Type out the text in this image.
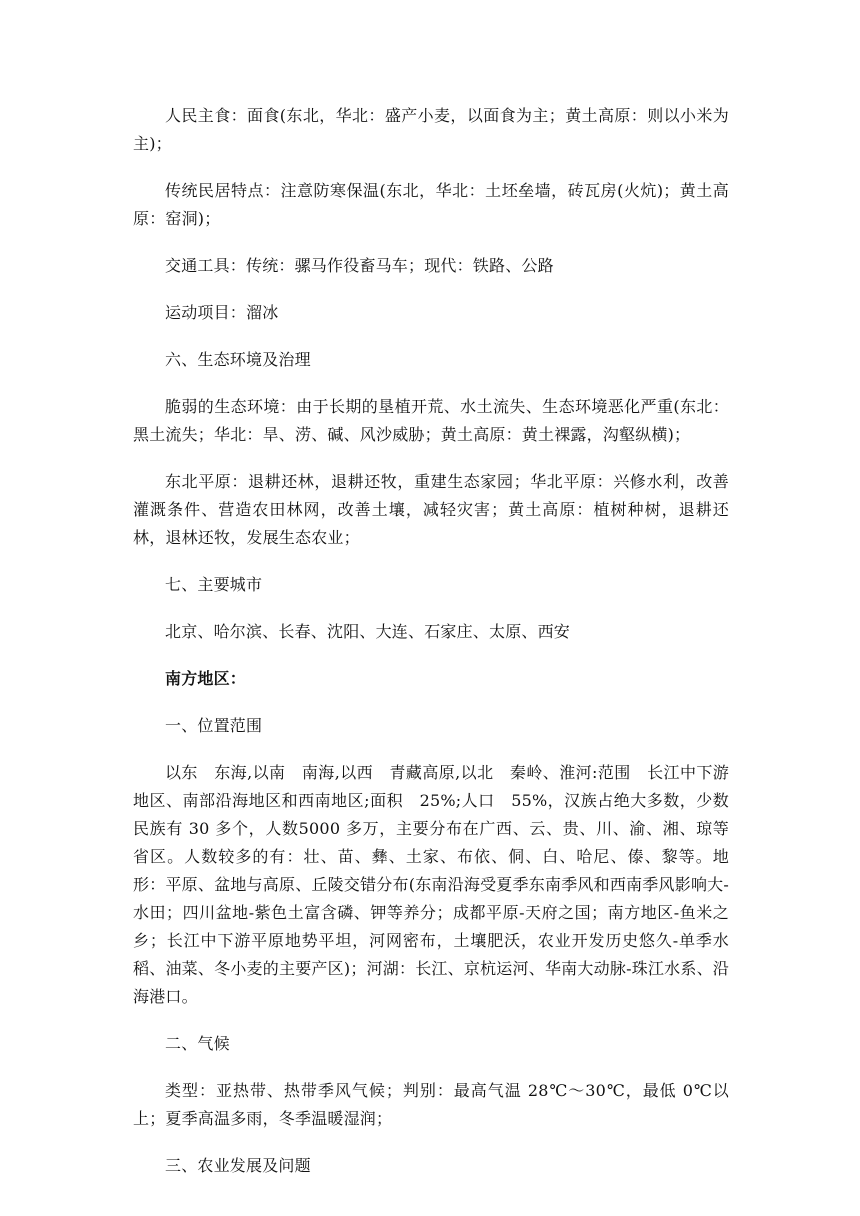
人民主食：面食(东北，华北：盛产小麦，以面食为主；黄土高原：则以小米为主)；

传统民居特点：注意防寒保温(东北，华北：土坯垒墙，砖瓦房(火炕)；黄土高原：窑洞)；

交通工具：传统：骡马作役畜马车；现代：铁路、公路

运动项目：溜冰

六、生态环境及治理

脆弱的生态环境：由于长期的垦植开荒、水土流失、生态环境恶化严重(东北：黑土流失；华北：旱、涝、碱、风沙威胁；黄土高原：黄土裸露，沟壑纵横)；

东北平原：退耕还林，退耕还牧，重建生态家园；华北平原：兴修水利，改善灌溉条件、营造农田林网，改善土壤，减轻灾害；黄土高原：植树种树，退耕还林，退林还牧，发展生态农业；

七、主要城市

北京、哈尔滨、长春、沈阳、大连、石家庄、太原、西安

南方地区：

一、位置范围

以东　东海,以南　南海,以西　青藏高原,以北　秦岭、淮河:范围　长江中下游地区、南部沿海地区和西南地区;面积　25%;人口　55%，汉族占绝大多数，少数民族有 30 多个，人数5000 多万，主要分布在广西、云、贵、川、渝、湘、琼等省区。人数较多的有：壮、苗、彝、土家、布依、侗、白、哈尼、傣、黎等。地形：平原、盆地与高原、丘陵交错分布(东南沿海受夏季东南季风和西南季风影响大-水田；四川盆地-紫色土富含磷、钾等养分；成都平原-天府之国；南方地区-鱼米之乡；长江中下游平原地势平坦，河网密布，土壤肥沃，农业开发历史悠久-单季水稻、油菜、冬小麦的主要产区)；河湖：长江、京杭运河、华南大动脉-珠江水系、沿海港口。

二、气候

类型：亚热带、热带季风气候；判别：最高气温 28℃～30℃，最低 0℃以上；夏季高温多雨，冬季温暖湿润；

三、农业发展及问题
